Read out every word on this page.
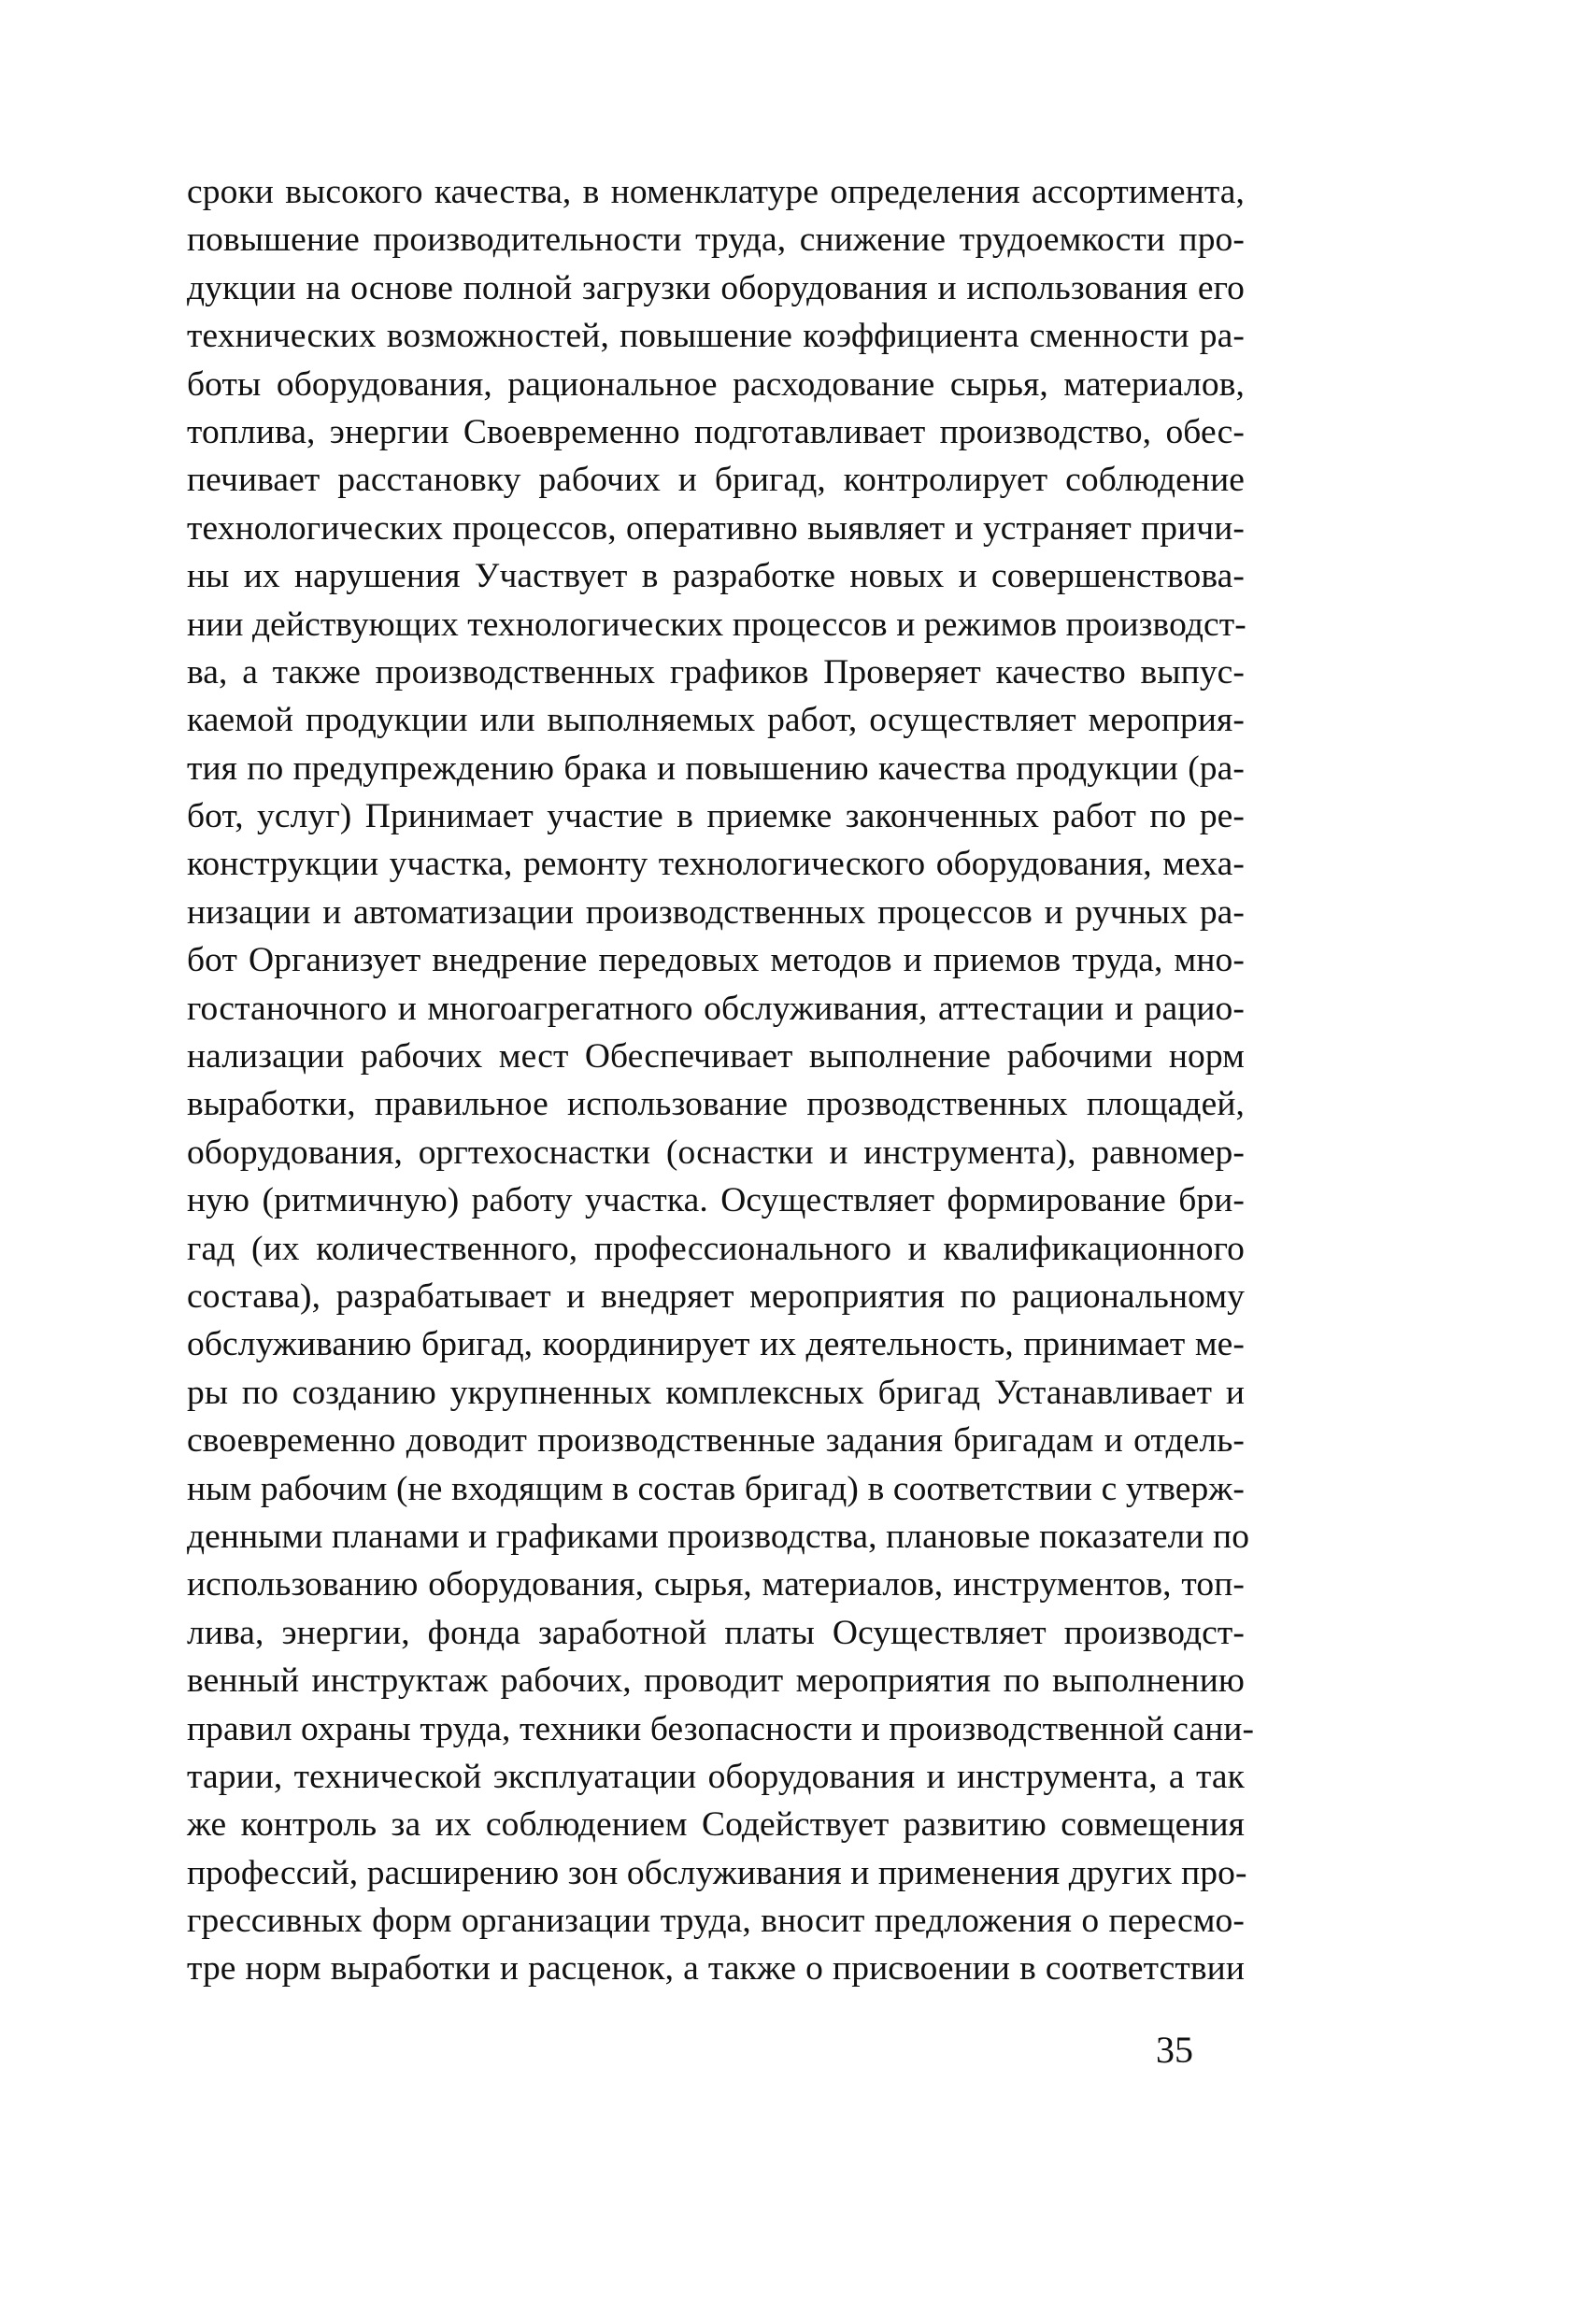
сроки высокого качества, в номенклатуре определения ассортимента,
повышение производительности труда, снижение трудоемкости про-
дукции на основе полной загрузки оборудования и использования его
технических возможностей, повышение коэффициента сменности ра-
боты оборудования, рациональное расходование сырья, материалов,
топлива, энергии Своевременно подготавливает производство, обес-
печивает расстановку рабочих и бригад, контролирует соблюдение
технологических процессов, оперативно выявляет и устраняет причи-
ны их нарушения Участвует в разработке новых и совершенствова-
нии действующих технологических процессов и режимов производст-
ва, а также производственных графиков Проверяет качество выпус-
каемой продукции или выполняемых работ, осуществляет мероприя-
тия по предупреждению брака и повышению качества продукции (ра-
бот, услуг) Принимает участие в приемке законченных работ по ре-
конструкции участка, ремонту технологического оборудования, меха-
низации и автоматизации производственных процессов и ручных ра-
бот Организует внедрение передовых методов и приемов труда, мно-
гостаночного и многоагрегатного обслуживания, аттестации и рацио-
нализации рабочих мест Обеспечивает выполнение рабочими норм
выработки, правильное использование прозводственных площадей,
оборудования, оргтехоснастки (оснастки и инструмента), равномер-
ную (ритмичную) работу участка. Осуществляет формирование бри-
гад (их количественного, профессионального и квалификационного
состава), разрабатывает и внедряет мероприятия по рациональному
обслуживанию бригад, координирует их деятельность, принимает ме-
ры по созданию укрупненных комплексных бригад Устанавливает и
своевременно доводит производственные задания бригадам и отдель-
ным рабочим (не входящим в состав бригад) в соответствии с утверж-
денными планами и графиками производства, плановые показатели по
использованию оборудования, сырья, материалов, инструментов, топ-
лива, энергии, фонда заработной платы Осуществляет производст-
венный инструктаж рабочих, проводит мероприятия по выполнению
правил охраны труда, техники безопасности и производственной сани-
тарии, технической эксплуатации оборудования и инструмента, а так
же контроль за их соблюдением Содействует развитию совмещения
профессий, расширению зон обслуживания и применения других про-
грессивных форм организации труда, вносит предложения о пересмо-
тре норм выработки и расценок, а также о присвоении в соответствии
35
